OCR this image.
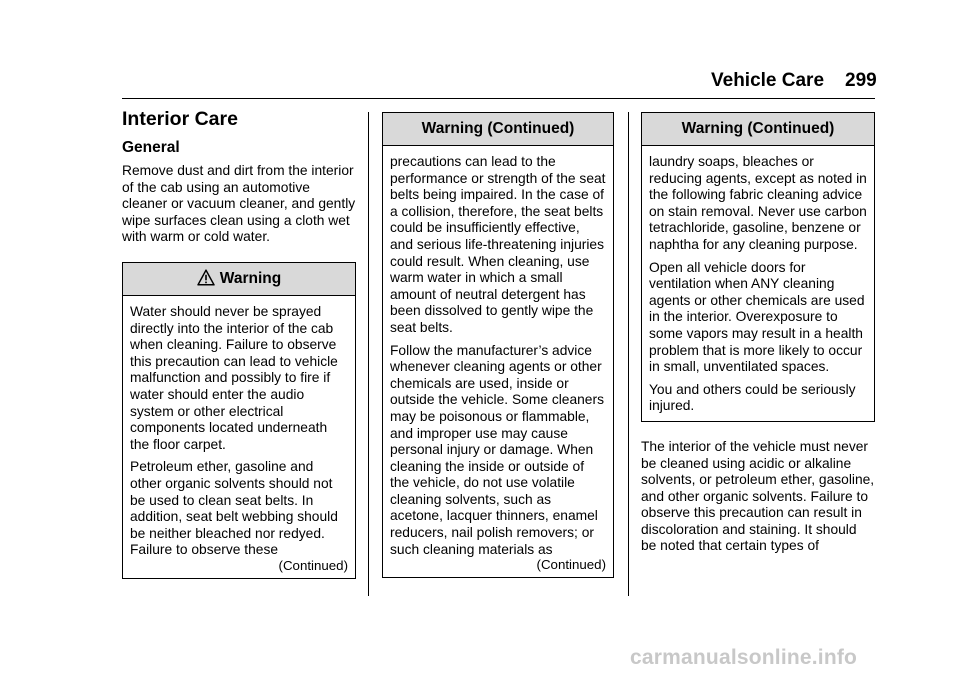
Vehicle Care 299
Interior Care
General

Remove dust and dirt from the interior of the cab using an automotive cleaner or vacuum cleaner, and gently wipe surfaces clean using a cloth wet with warm or cold water.

Warning

Water should never be sprayed directly into the interior of the cab when cleaning. Failure to observe this precaution can lead to vehicle malfunction and possibly to fire if water should enter the audio system or other electrical components located underneath the floor carpet.

Petroleum ether, gasoline and other organic solvents should not be used to clean seat belts. In addition, seat belt webbing should be neither bleached nor redyed. Failure to observe these

(Continued)
Warning (Continued)

precautions can lead to the performance or strength of the seat belts being impaired. In the case of a collision, therefore, the seat belts could be insufficiently effective, and serious life-threatening injuries could result. When cleaning, use warm water in which a small amount of neutral detergent has been dissolved to gently wipe the seat belts.

Follow the manufacturer’s advice whenever cleaning agents or other chemicals are used, inside or outside the vehicle. Some cleaners may be poisonous or flammable, and improper use may cause personal injury or damage. When cleaning the inside or outside of the vehicle, do not use volatile cleaning solvents, such as acetone, lacquer thinners, enamel reducers, nail polish removers; or such cleaning materials as

(Continued)
Warning (Continued)

laundry soaps, bleaches or reducing agents, except as noted in the following fabric cleaning advice on stain removal. Never use carbon tetrachloride, gasoline, benzene or naphtha for any cleaning purpose.

Open all vehicle doors for ventilation when ANY cleaning agents or other chemicals are used in the interior. Overexposure to some vapors may result in a health problem that is more likely to occur in small, unventilated spaces.

You and others could be seriously injured.

The interior of the vehicle must never be cleaned using acidic or alkaline solvents, or petroleum ether, gasoline, and other organic solvents. Failure to observe this precaution can result in discoloration and staining. It should be noted that certain types of

carmanualsonline.info
